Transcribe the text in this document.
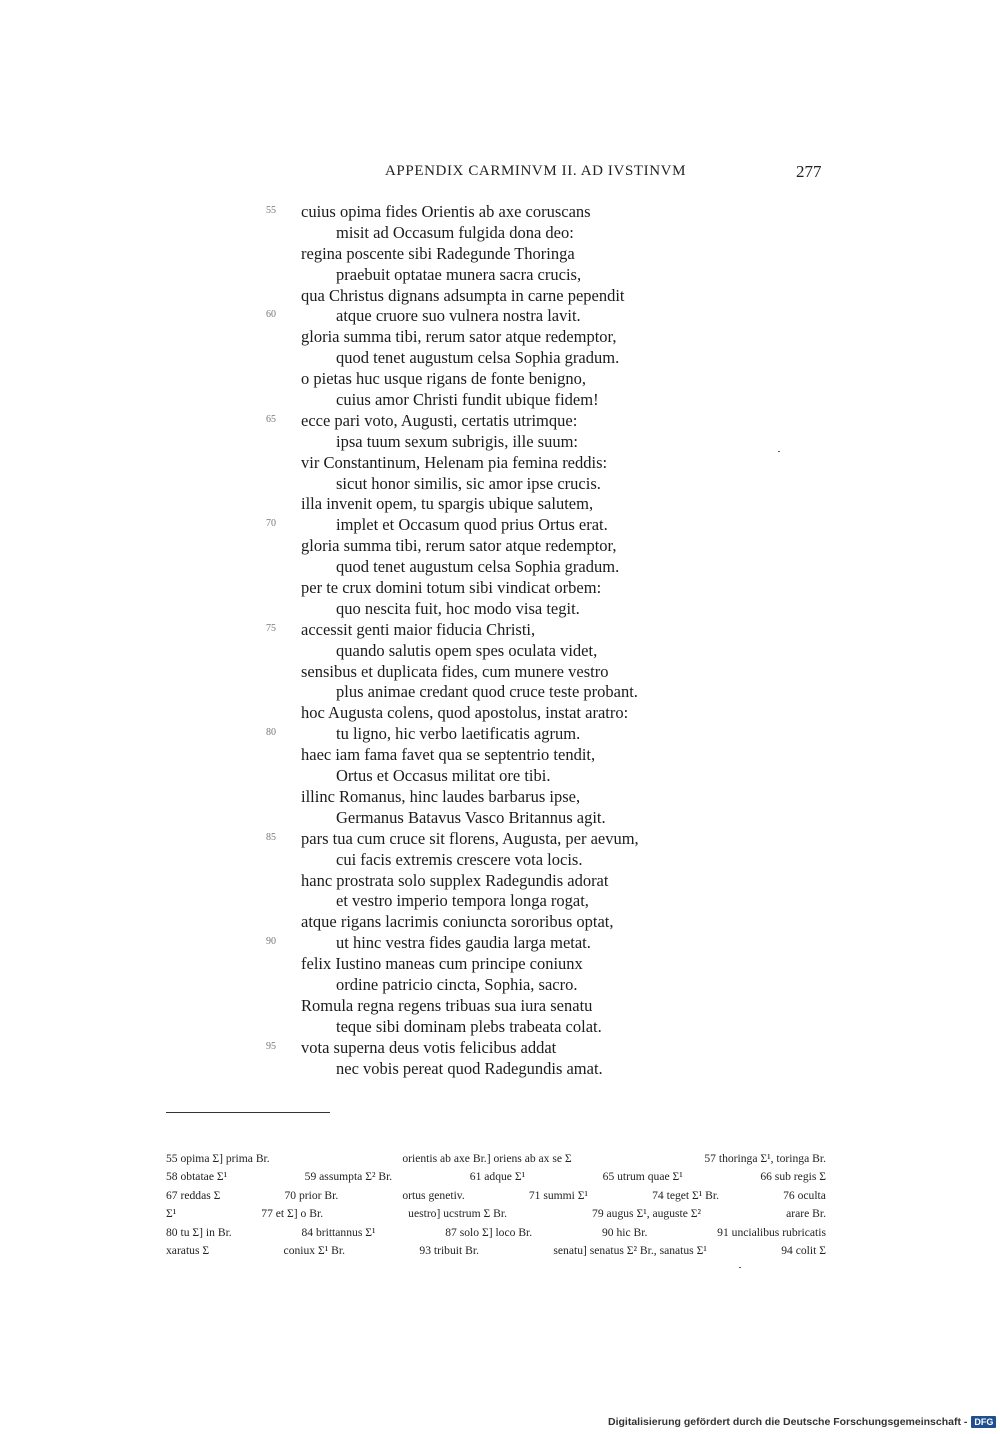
APPENDIX CARMINVM II. AD IVSTINVM	277
55	cuius opima fides Orientis ab axe coruscans
misit ad Occasum fulgida dona deo:
regina poscente sibi Radegunde Thoringa
praebuit optatae munera sacra crucis,
qua Christus dignans adsumpta in carne pependit
60	atque cruore suo vulnera nostra lavit.
gloria summa tibi, rerum sator atque redemptor,
quod tenet augustum celsa Sophia gradum.
o pietas huc usque rigans de fonte benigno,
cuius amor Christi fundit ubique fidem!
65	ecce pari voto, Augusti, certatis utrimque:
ipsa tuum sexum subrigis, ille suum:
vir Constantinum, Helenam pia femina reddis:
sicut honor similis, sic amor ipse crucis.
illa invenit opem, tu spargis ubique salutem,
70	implet et Occasum quod prius Ortus erat.
gloria summa tibi, rerum sator atque redemptor,
quod tenet augustum celsa Sophia gradum.
per te crux domini totum sibi vindicat orbem:
quo nescita fuit, hoc modo visa tegit.
75	accessit genti maior fiducia Christi,
quando salutis opem spes oculata videt,
sensibus et duplicata fides, cum munere vestro
plus animae credant quod cruce teste probant.
hoc Augusta colens, quod apostolus, instat aratro:
80	tu ligno, hic verbo laetificatis agrum.
haec iam fama favet qua se septentrio tendit,
Ortus et Occasus militat ore tibi.
illinc Romanus, hinc laudes barbarus ipse,
Germanus Batavus Vasco Britannus agit.
85	pars tua cum cruce sit florens, Augusta, per aevum,
cui facis extremis crescere vota locis.
hanc prostrata solo supplex Radegundis adorat
et vestro imperio tempora longa rogat,
atque rigans lacrimis coniuncta sororibus optat,
90	ut hinc vestra fides gaudia larga metat.
felix Iustino maneas cum principe coniunx
ordine patricio cincta, Sophia, sacro.
Romula regna regens tribuas sua iura senatu
teque sibi dominam plebs trabeata colat.
95	vota superna deus votis felicibus addat
nec vobis pereat quod Radegundis amat.
55 opima Σ] prima Br.	orientis ab axe Br.] oriens ab ax se Σ	57 thoringa Σ¹, toringa Br.
58 obtatae Σ¹	59 assumpta Σ² Br.	61 adque Σ¹	65 utrum quae Σ¹	66 sub regis Σ
67 reddas Σ	70 prior Br.	ortus genetiv.	71 summi Σ¹	74 teget Σ¹ Br.	76 oculta
Σ¹	77 et Σ] o Br.	uestro] ucstrum Σ Br.	79 augus Σ¹, auguste Σ²	arare Br.
80 tu Σ] in Br.	84 brittannus Σ¹	87 solo Σ] loco Br.	90 hic Br.	91 uncialibus rubricatis
xaratus Σ	coniux Σ¹ Br.	93 tribuit Br.	senatu] senatus Σ² Br., sanatus Σ¹	94 colit Σ
Digitalisierung gefördert durch die Deutsche Forschungsgemeinschaft - DFG
